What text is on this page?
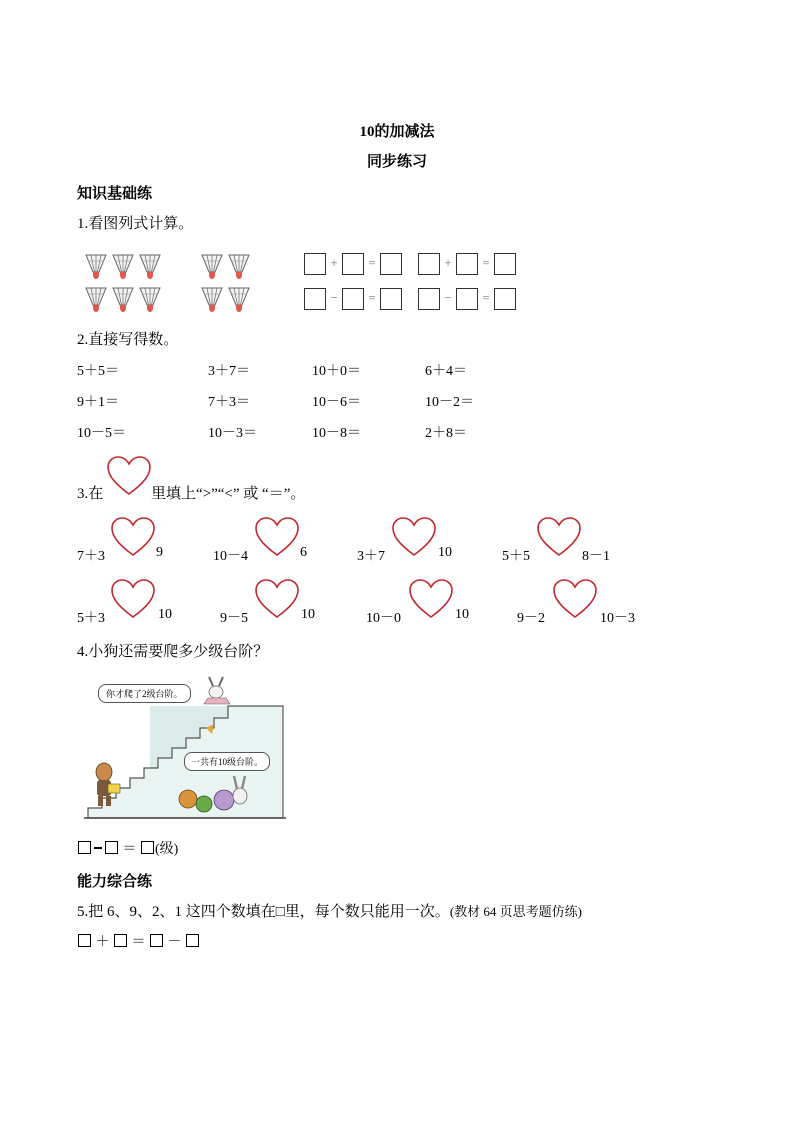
10的加减法
同步练习
知识基础练
1.看图列式计算。
+	=	+	=
−	=	−	=
2.直接写得数。
5＋5＝	3＋7＝	10＋0＝	6＋4＝
9＋1＝	7＋3＝	10－6＝	10－2＝
10－5＝	10－3＝	10－8＝	2＋8＝
3.在	里填上“>”“<” 或 “＝”。
7＋3	9	10－4	6	3＋7	10	5＋5	8－1
5＋3	10	9－5	10	10－0	10	9－2	10－3
4.小狗还需要爬多少级台阶？
你才爬了2级台阶。
一共有10级台阶。
＝ (级)
能力综合练
5.把 6、9、2、1 这四个数填在□里，每个数只能用一次。(教材 64 页思考题仿练)
＋  ＝  －
